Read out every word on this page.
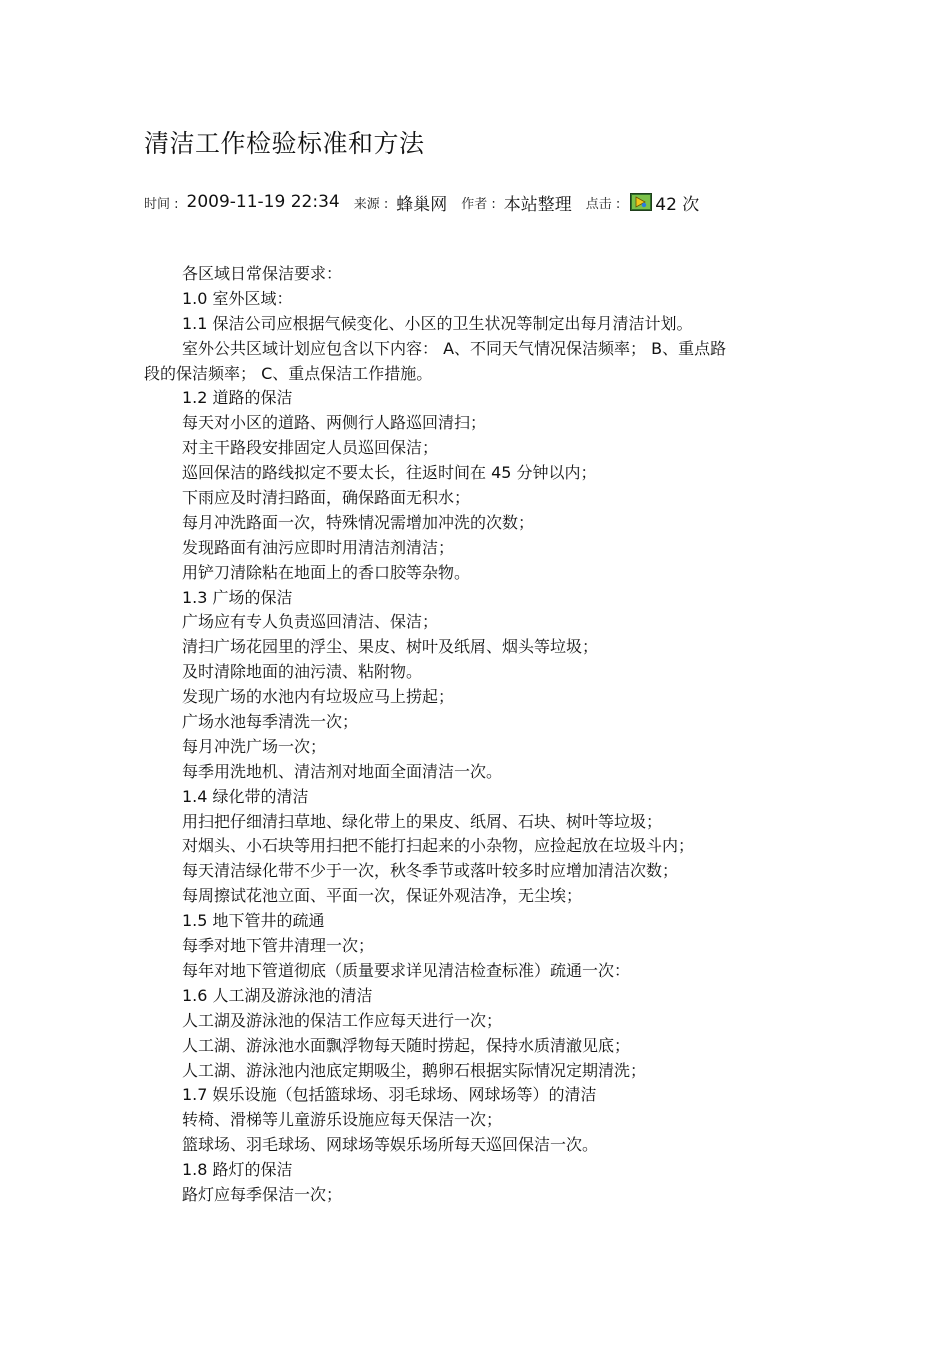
清洁工作检验标准和方法
时间 : 2009-11-19 22:34 来源 : 蜂巢网 作者 : 本站整理 点击 : 42 次

各区域日常保洁要求：

1.0 室外区域：

1.1 保洁公司应根据气候变化、小区的卫生状况等制定出每月清洁计划。

室外公共区域计划应包含以下内容： A、不同天气情况保洁频率； B、重点路

段的保洁频率； C、重点保洁工作措施。

1.2 道路的保洁

每天对小区的道路、两侧行人路巡回清扫；

对主干路段安排固定人员巡回保洁；

巡回保洁的路线拟定不要太长，往返时间在 45 分钟以内；

下雨应及时清扫路面，确保路面无积水；

每月冲洗路面一次，特殊情况需增加冲洗的次数；

发现路面有油污应即时用清洁剂清洁；

用铲刀清除粘在地面上的香口胶等杂物。

1.3 广场的保洁

广场应有专人负责巡回清洁、保洁；

清扫广场花园里的浮尘、果皮、树叶及纸屑、烟头等垃圾；

及时清除地面的油污渍、粘附物。

发现广场的水池内有垃圾应马上捞起；

广场水池每季清洗一次；

每月冲洗广场一次；

每季用洗地机、清洁剂对地面全面清洁一次。

1.4 绿化带的清洁

用扫把仔细清扫草地、绿化带上的果皮、纸屑、石块、树叶等垃圾；

对烟头、小石块等用扫把不能打扫起来的小杂物，应捡起放在垃圾斗内；

每天清洁绿化带不少于一次，秋冬季节或落叶较多时应增加清洁次数；

每周擦试花池立面、平面一次，保证外观洁净，无尘埃；

1.5 地下管井的疏通

每季对地下管井清理一次；

每年对地下管道彻底（质量要求详见清洁检查标准）疏通一次：

1.6 人工湖及游泳池的清洁

人工湖及游泳池的保洁工作应每天进行一次；

人工湖、游泳池水面飘浮物每天随时捞起，保持水质清澈见底；

人工湖、游泳池内池底定期吸尘，鹅卵石根据实际情况定期清洗；

1.7 娱乐设施（包括篮球场、羽毛球场、网球场等）的清洁

转椅、滑梯等儿童游乐设施应每天保洁一次；

篮球场、羽毛球场、网球场等娱乐场所每天巡回保洁一次。

1.8 路灯的保洁

路灯应每季保洁一次；
